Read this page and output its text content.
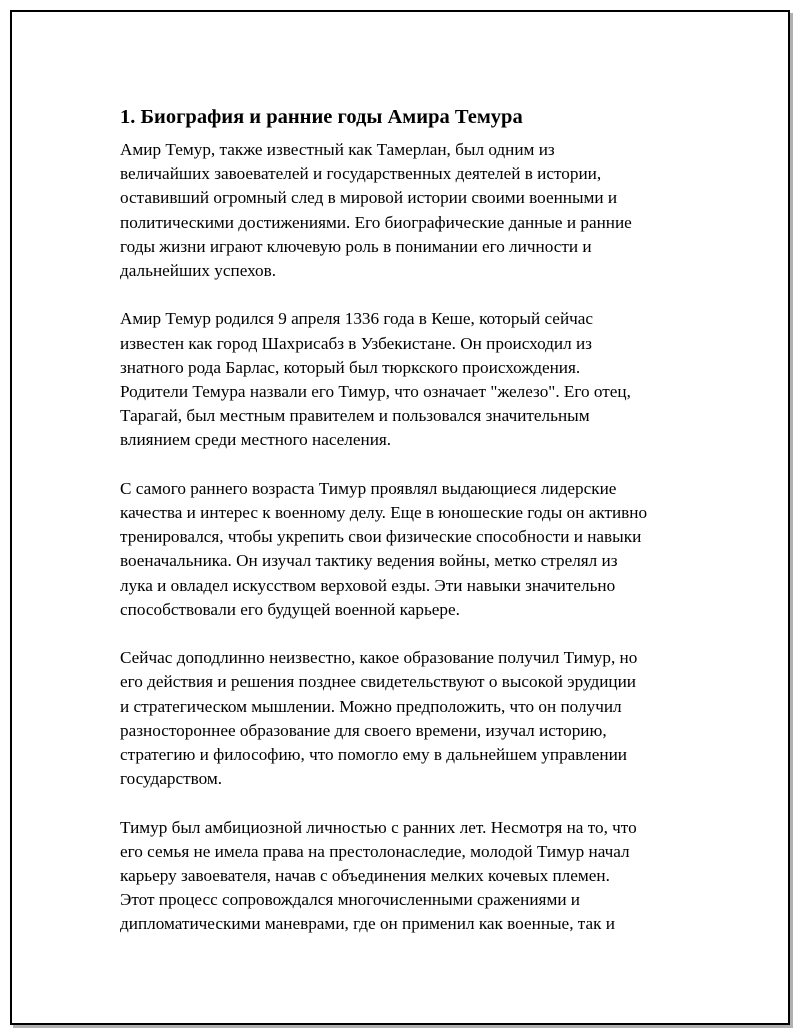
1. Биография и ранние годы Амира Темура
Амир Темур, также известный как Тамерлан, был одним из
величайших завоевателей и государственных деятелей в истории,
оставивший огромный след в мировой истории своими военными и
политическими достижениями. Его биографические данные и ранние
годы жизни играют ключевую роль в понимании его личности и
дальнейших успехов.
Амир Темур родился 9 апреля 1336 года в Кеше, который сейчас
известен как город Шахрисабз в Узбекистане. Он происходил из
знатного рода Барлас, который был тюркского происхождения.
Родители Темура назвали его Тимур, что означает "железо". Его отец,
Тарагай, был местным правителем и пользовался значительным
влиянием среди местного населения.
С самого раннего возраста Тимур проявлял выдающиеся лидерские
качества и интерес к военному делу. Еще в юношеские годы он активно
тренировался, чтобы укрепить свои физические способности и навыки
военачальника. Он изучал тактику ведения войны, метко стрелял из
лука и овладел искусством верховой езды. Эти навыки значительно
способствовали его будущей военной карьере.
Сейчас доподлинно неизвестно, какое образование получил Тимур, но
его действия и решения позднее свидетельствуют о высокой эрудиции
и стратегическом мышлении. Можно предположить, что он получил
разностороннее образование для своего времени, изучал историю,
стратегию и философию, что помогло ему в дальнейшем управлении
государством.
Тимур был амбициозной личностью с ранних лет. Несмотря на то, что
его семья не имела права на престолонаследие, молодой Тимур начал
карьеру завоевателя, начав с объединения мелких кочевых племен.
Этот процесс сопровождался многочисленными сражениями и
дипломатическими маневрами, где он применил как военные, так и
